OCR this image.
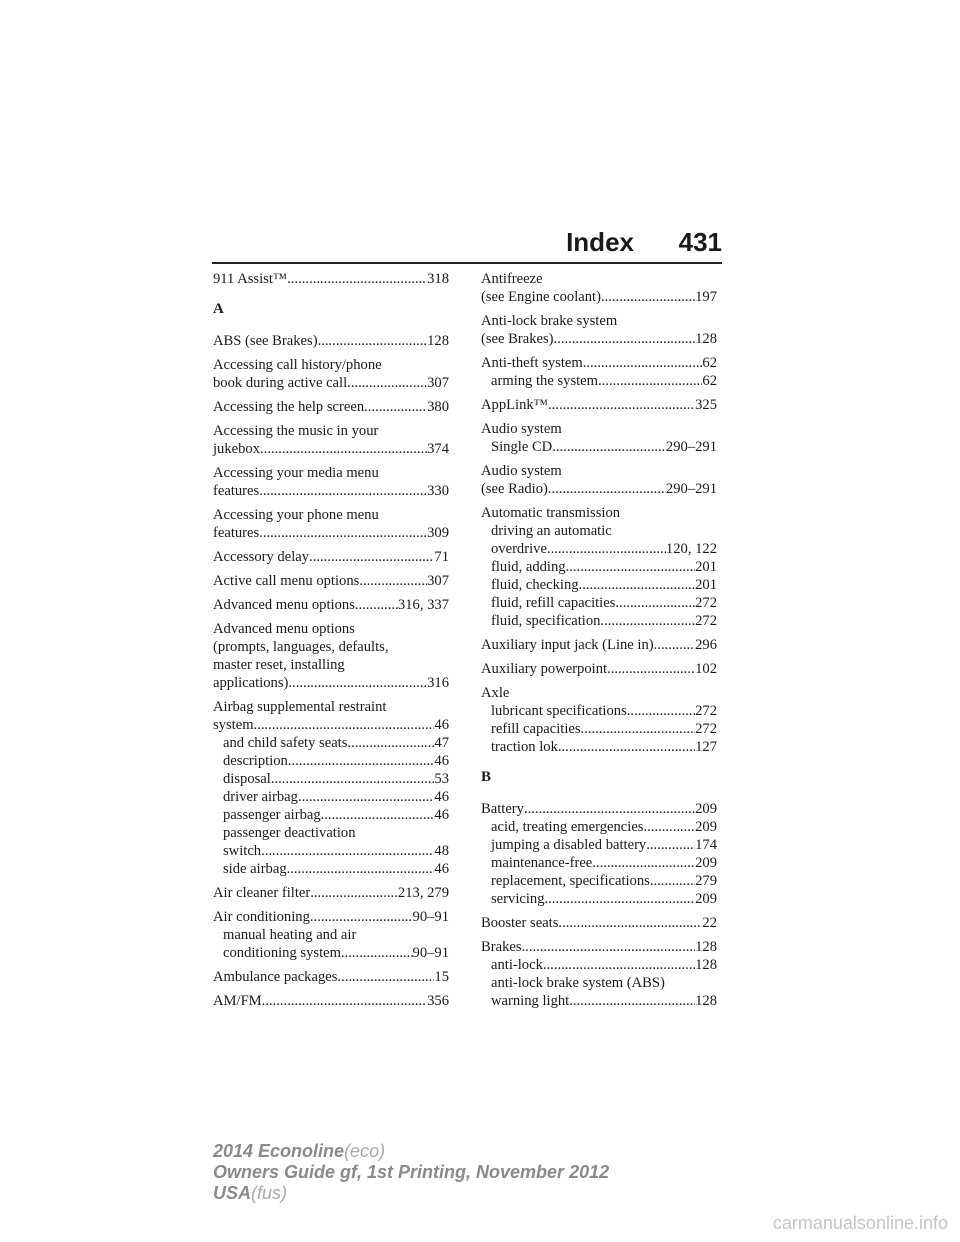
Index 431
911 Assist™ .....	318
A
ABS (see Brakes) .....	128
Accessing call history/phone
book during active call .....	307
Accessing the help screen .....	380
Accessing the music in your
jukebox .....	374
Accessing your media menu
features .....	330
Accessing your phone menu
features .....	309
Accessory delay .....	71
Active call menu options .....	307
Advanced menu options .....	316, 337
Advanced menu options
(prompts, languages, defaults,
master reset, installing
applications) .....	316
Airbag supplemental restraint
system .....	46
and child safety seats .....	47
description .....	46
disposal .....	53
driver airbag .....	46
passenger airbag .....	46
passenger deactivation
switch .....	48
side airbag .....	46
Air cleaner filter .....	213, 279
Air conditioning .....	90–91
manual heating and air
conditioning system .....	90–91
Ambulance packages .....	15
AM/FM .....	356
Antifreeze
(see Engine coolant) .....	197
Anti-lock brake system
(see Brakes) .....	128
Anti-theft system .....	62
arming the system .....	62
AppLink™ .....	325
Audio system
Single CD .....	290–291
Audio system
(see Radio) .....	290–291
Automatic transmission
driving an automatic
overdrive .....	120, 122
fluid, adding .....	201
fluid, checking .....	201
fluid, refill capacities .....	272
fluid, specification .....	272
Auxiliary input jack (Line in) .....	296
Auxiliary powerpoint .....	102
Axle
lubricant specifications .....	272
refill capacities .....	272
traction lok .....	127
B
Battery .....	209
acid, treating emergencies .....	209
jumping a disabled battery .....	174
maintenance-free .....	209
replacement, specifications .....	279
servicing .....	209
Booster seats .....	22
Brakes .....	128
anti-lock .....	128
anti-lock brake system (ABS)
warning light .....	128
2014 Econoline(eco)
Owners Guide gf, 1st Printing, November 2012
USA(fus)
carmanualsonline.info
